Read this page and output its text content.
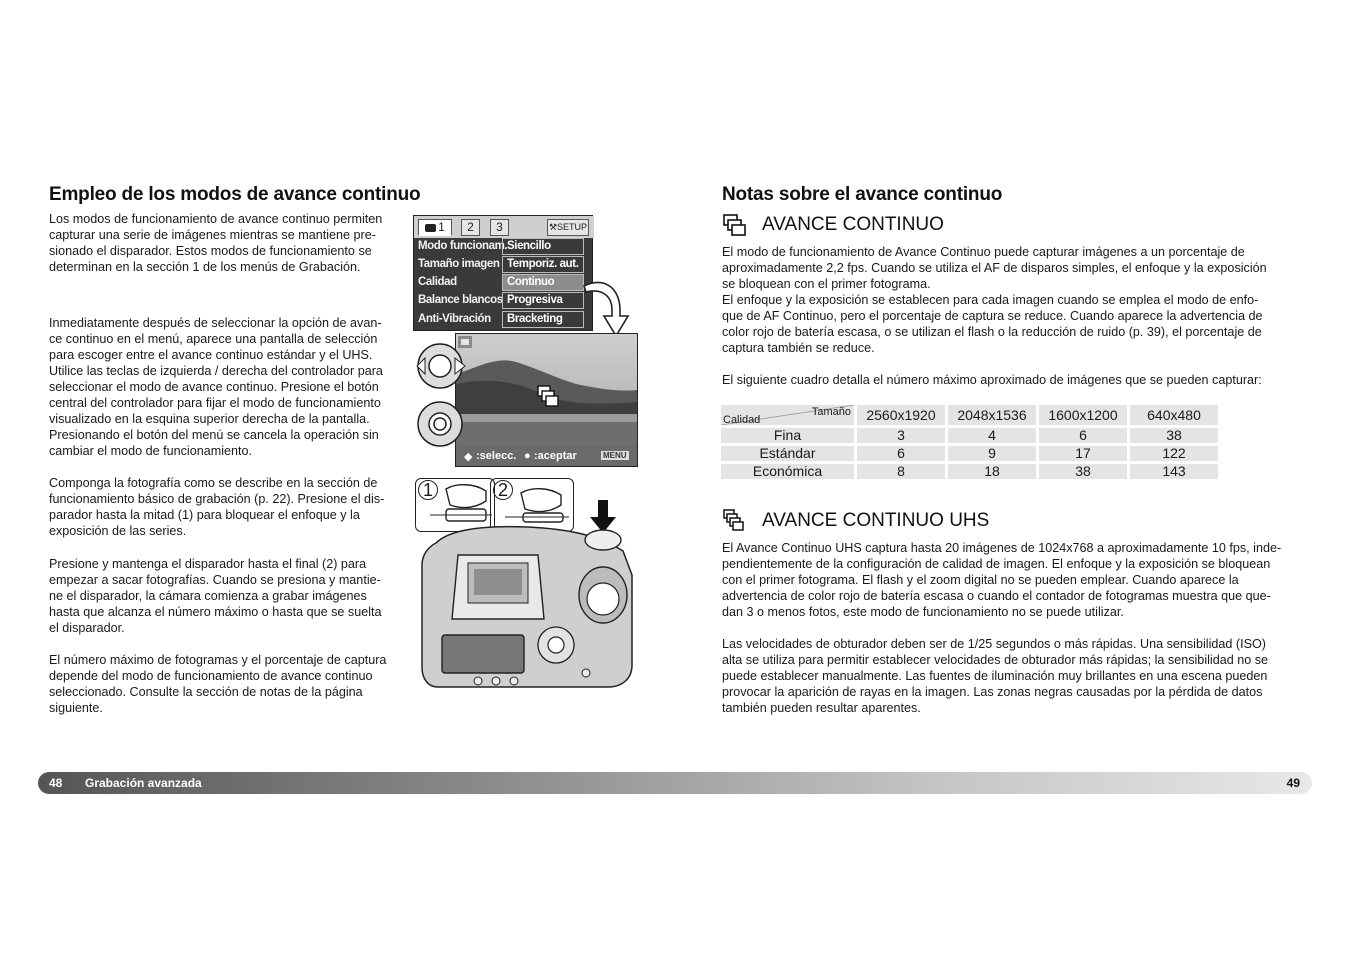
Empleo de los modos de avance continuo
Los modos de funcionamiento de avance continuo permiten
capturar una serie de imágenes mientras se mantiene pre-
sionado el disparador. Estos modos de funcionamiento se
determinan en la sección 1 de los menús de Grabación.
Inmediatamente después de seleccionar la opción de avan-
ce continuo en el menú, aparece una pantalla de selección
para escoger entre el avance continuo estándar y el UHS.
Utilice las teclas de izquierda / derecha del controlador para
seleccionar el modo de avance continuo. Presione el botón
central del controlador para fijar el modo de funcionamiento
visualizado en la esquina superior derecha de la pantalla.
Presionando el botón del menú se cancela la operación sin
cambiar el modo de funcionamiento.
Componga la fotografía como se describe en la sección de
funcionamiento básico de grabación (p. 22). Presione el dis-
parador hasta la mitad (1) para bloquear el enfoque y la
exposición de las series.
Presione y mantenga el disparador hasta el final (2) para
empezar a sacar fotografías. Cuando se presiona y mantie-
ne el disparador, la cámara comienza a grabar imágenes
hasta que alcanza el número máximo o hasta que se suelta
el disparador.
El número máximo de fotogramas y el porcentaje de captura
depende del modo de funcionamiento de avance continuo
seleccionado. Consulte la sección de notas de la página
siguiente.
1	2	3	⚒SETUP
Modo funcionam. Siencillo
Tamaño imagen Temporiz. aut.
Calidad	Continuo
Balance blancos Progresiva
Anti-Vibración	Bracketing
◆ :selecc. ● :aceptar	MENU
1	2
Notas sobre el avance continuo
AVANCE CONTINUO
El modo de funcionamiento de Avance Continuo puede capturar imágenes a un porcentaje de
aproximadamente 2,2 fps. Cuando se utiliza el AF de disparos simples, el enfoque y la exposición
se bloquean con el primer fotograma.
El enfoque y la exposición se establecen para cada imagen cuando se emplea el modo de enfo-
que de AF Continuo, pero el porcentaje de captura se reduce. Cuando aparece la advertencia de
color rojo de batería escasa, o se utilizan el flash o la reducción de ruido (p. 39), el porcentaje de
captura también se reduce.
El siguiente cuadro detalla el número máximo aproximado de imágenes que se pueden capturar:
Tamaño
Calidad	2560x1920	2048x1536	1600x1200	640x480
Fina	3	4	6	38
Estándar	6	9	17	122
Económica	8	18	38	143
AVANCE CONTINUO UHS
El Avance Continuo UHS captura hasta 20 imágenes de 1024x768 a aproximadamente 10 fps, inde-
pendientemente de la configuración de calidad de imagen. El enfoque y la exposición se bloquean
con el primer fotograma. El flash y el zoom digital no se pueden emplear. Cuando aparece la
advertencia de color rojo de batería escasa o cuando el contador de fotogramas muestra que que-
dan 3 o menos fotos, este modo de funcionamiento no se puede utilizar.
Las velocidades de obturador deben ser de 1/25 segundos o más rápidas. Una sensibilidad (ISO)
alta se utiliza para permitir establecer velocidades de obturador más rápidas; la sensibilidad no se
puede establecer manualmente. Las fuentes de iluminación muy brillantes en una escena pueden
provocar la aparición de rayas en la imagen. Las zonas negras causadas por la pérdida de datos
también pueden resultar aparentes.
48 Grabación avanzada	49
